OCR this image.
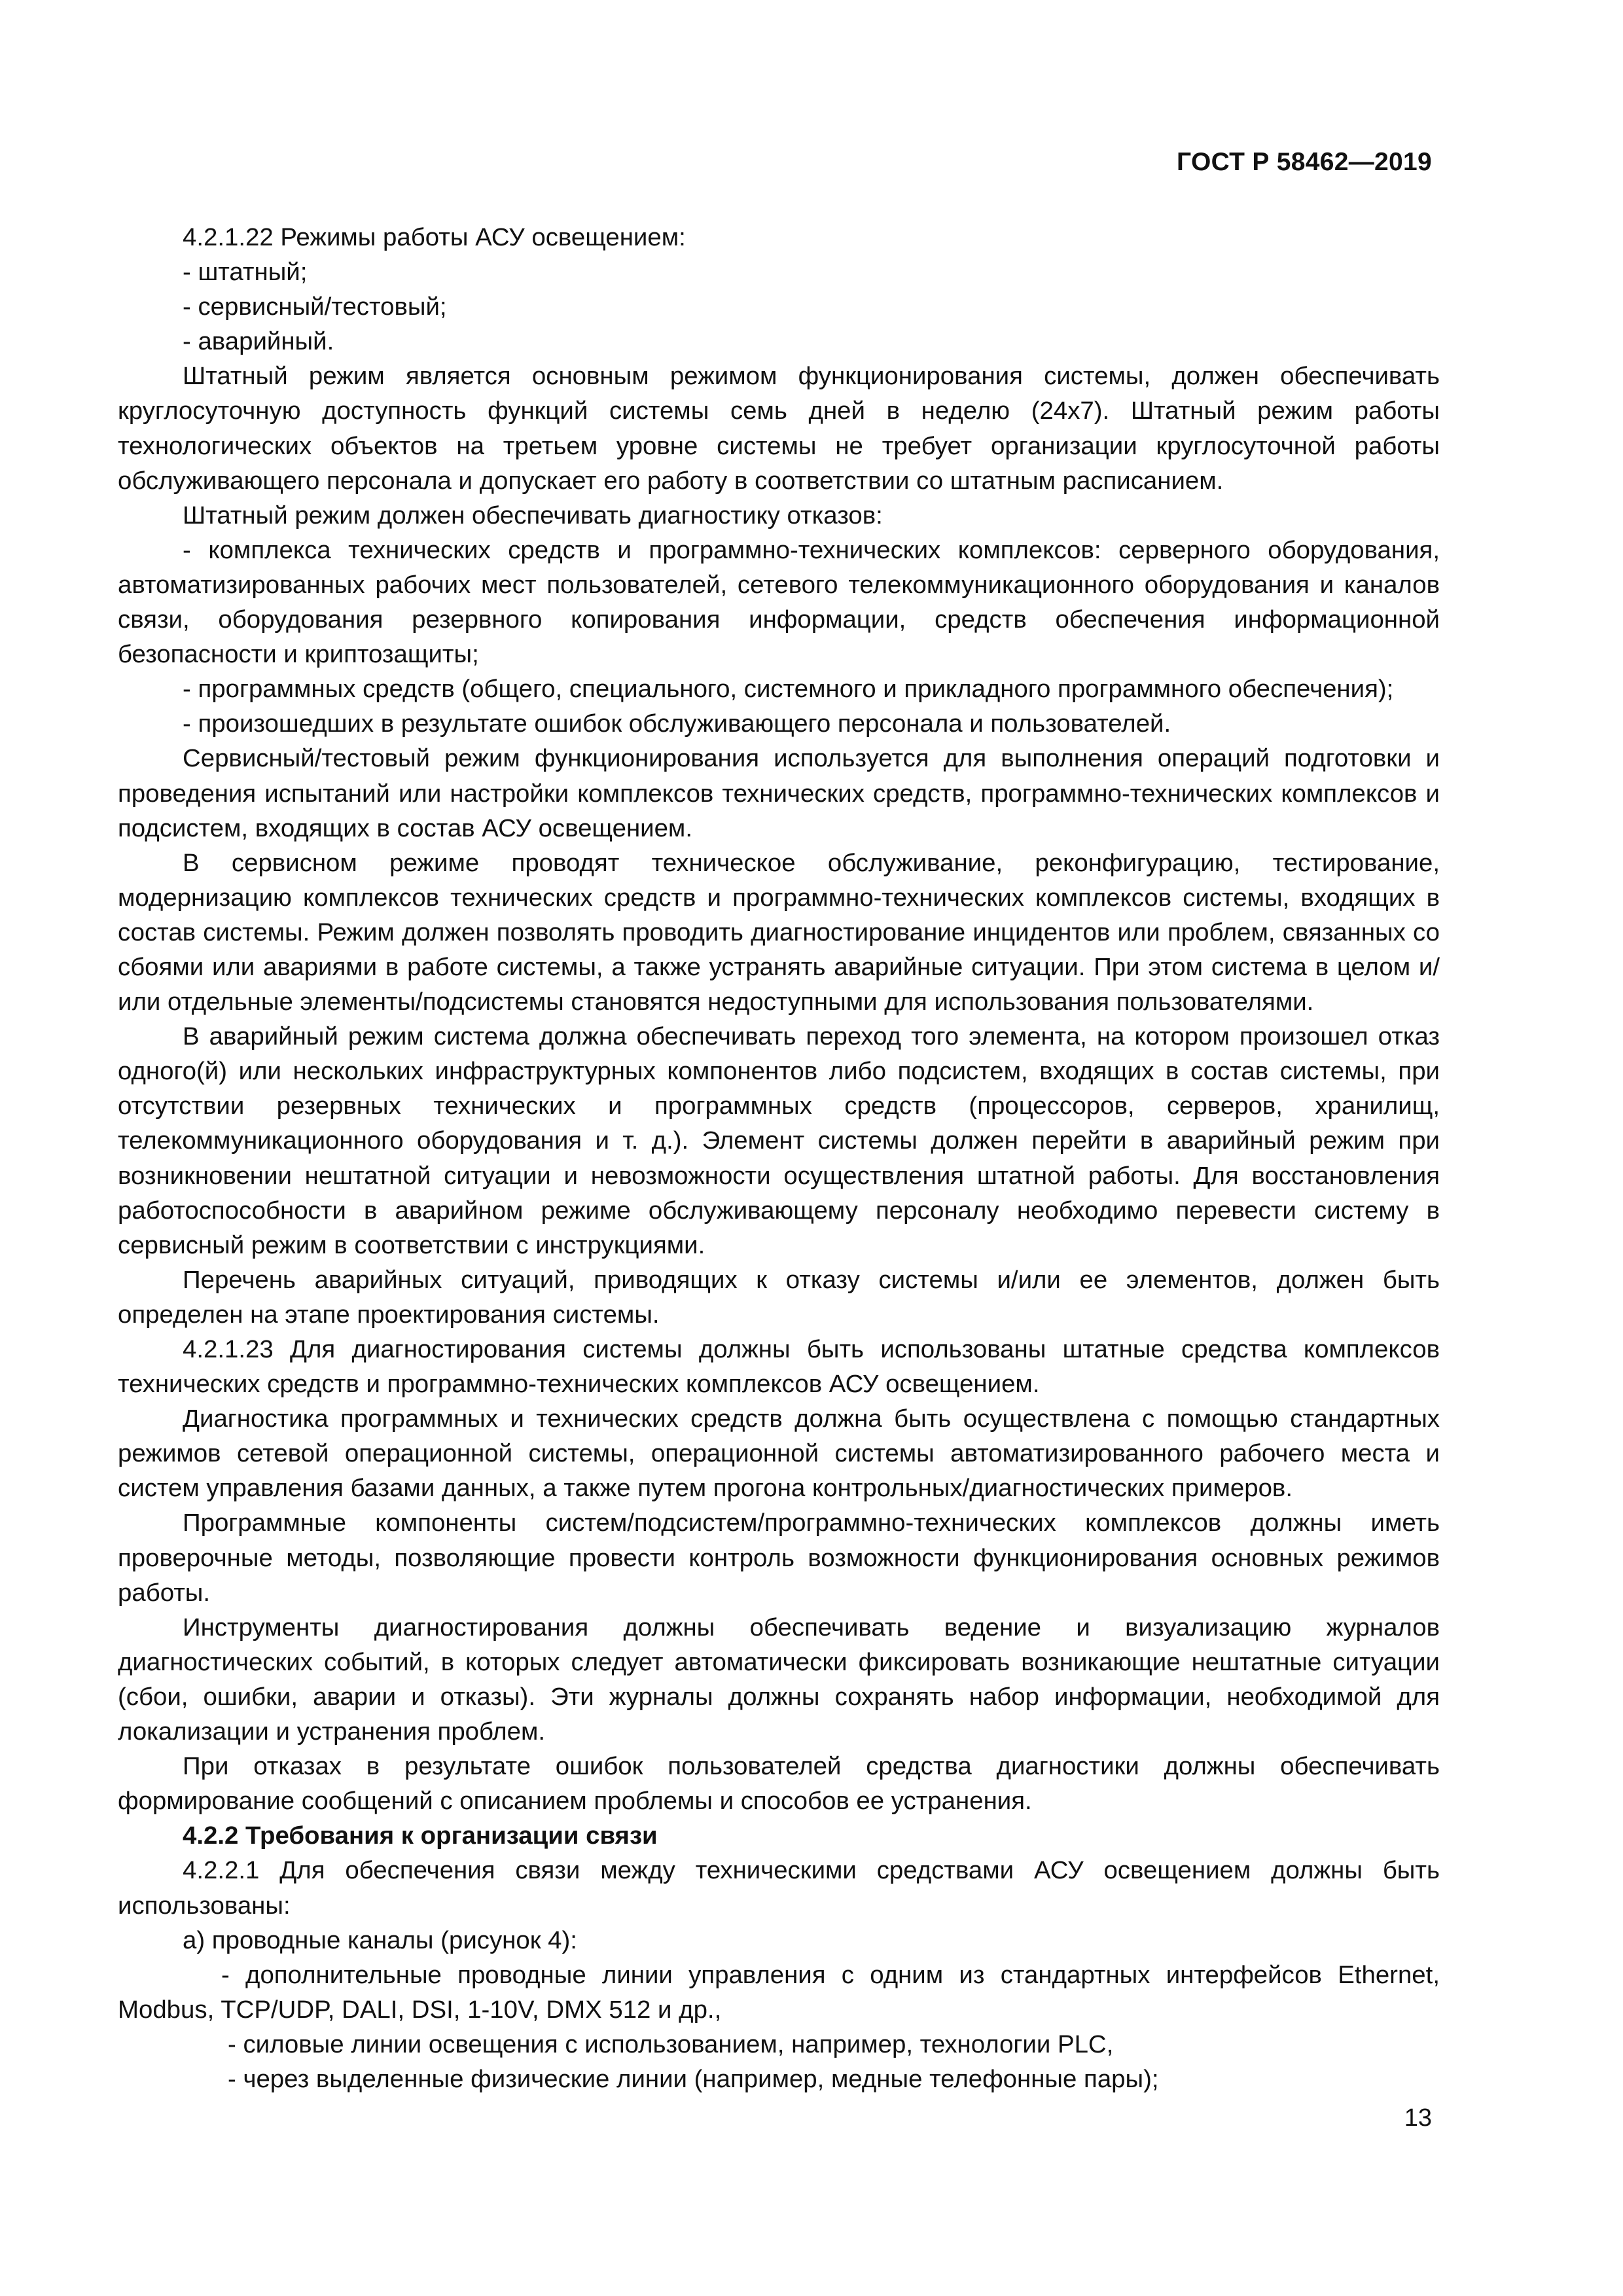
ГОСТ Р 58462—2019

4.2.1.22 Режимы работы АСУ освещением:

- штатный;

- сервисный/тестовый;

- аварийный.

Штатный режим является основным режимом функционирования системы, должен обеспечивать круглосуточную доступность функций системы семь дней в неделю (24x7). Штатный режим работы технологических объектов на третьем уровне системы не требует организации круглосуточной работы обслуживающего персонала и допускает его работу в соответствии со штатным расписанием.

Штатный режим должен обеспечивать диагностику отказов:

- комплекса технических средств и программно-технических комплексов: серверного оборудования, автоматизированных рабочих мест пользователей, сетевого телекоммуникационного оборудования и каналов связи, оборудования резервного копирования информации, средств обеспечения информационной безопасности и криптозащиты;

- программных средств (общего, специального, системного и прикладного программного обеспечения);

- произошедших в результате ошибок обслуживающего персонала и пользователей.

Сервисный/тестовый режим функционирования используется для выполнения операций подготовки и проведения испытаний или настройки комплексов технических средств, программно-технических комплексов и подсистем, входящих в состав АСУ освещением.

В сервисном режиме проводят техническое обслуживание, реконфигурацию, тестирование, модернизацию комплексов технических средств и программно-технических комплексов системы, входящих в состав системы. Режим должен позволять проводить диагностирование инцидентов или проблем, связанных со сбоями или авариями в работе системы, а также устранять аварийные ситуации. При этом система в целом и/или отдельные элементы/подсистемы становятся недоступными для использования пользователями.

В аварийный режим система должна обеспечивать переход того элемента, на котором произошел отказ одного(й) или нескольких инфраструктурных компонентов либо подсистем, входящих в состав системы, при отсутствии резервных технических и программных средств (процессоров, серверов, хранилищ, телекоммуникационного оборудования и т. д.). Элемент системы должен перейти в аварийный режим при возникновении нештатной ситуации и невозможности осуществления штатной работы. Для восстановления работоспособности в аварийном режиме обслуживающему персоналу необходимо перевести систему в сервисный режим в соответствии с инструкциями.

Перечень аварийных ситуаций, приводящих к отказу системы и/или ее элементов, должен быть определен на этапе проектирования системы.

4.2.1.23 Для диагностирования системы должны быть использованы штатные средства комплексов технических средств и программно-технических комплексов АСУ освещением.

Диагностика программных и технических средств должна быть осуществлена с помощью стандартных режимов сетевой операционной системы, операционной системы автоматизированного рабочего места и систем управления базами данных, а также путем прогона контрольных/диагностических примеров.

Программные компоненты систем/подсистем/программно-технических комплексов должны иметь проверочные методы, позволяющие провести контроль возможности функционирования основных режимов работы.

Инструменты диагностирования должны обеспечивать ведение и визуализацию журналов диагностических событий, в которых следует автоматически фиксировать возникающие нештатные ситуации (сбои, ошибки, аварии и отказы). Эти журналы должны сохранять набор информации, необходимой для локализации и устранения проблем.

При отказах в результате ошибок пользователей средства диагностики должны обеспечивать формирование сообщений с описанием проблемы и способов ее устранения.

4.2.2 Требования к организации связи

4.2.2.1 Для обеспечения связи между техническими средствами АСУ освещением должны быть использованы:

а) проводные каналы (рисунок 4):

- дополнительные проводные линии управления с одним из стандартных интерфейсов Ethernet, Modbus, TCP/UDP, DALI, DSI, 1-10V, DMX 512 и др.,

- силовые линии освещения с использованием, например, технологии PLC,

- через выделенные физические линии (например, медные телефонные пары);

13
